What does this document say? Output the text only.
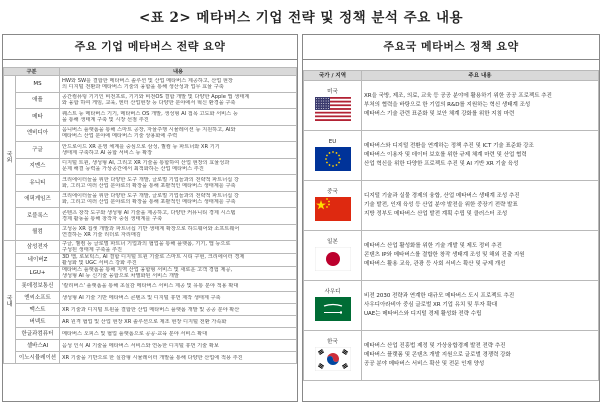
<표 2> 메타버스 기업 전략 및 정책 분석 주요 내용
주요 기업 메타버스 전략 요약
구분		내용
국외	MS	HW와 SW를 결합한 메타버스 솔루션 및 산업 메타버스 제공하고, 산업 현장
의 디지털 전환과 메타버스 기술의 융합을 통해 생산성과 업무 효율 구축

	애플	공간컴퓨팅 기기인 비전프로, 기기와 비전OS 결합 개발 및 다양한 Apple 앱 생태계
와 융합 하여 게임, 교육, 엔터 산업현장 등 다양한 분야에서 혁신 환경을 구축

	메타	퀘스트 등 메타버스 기기, 메타버스 OS 개발, 생성형 AI 접목 고도화 서비스 등
을 통해 생태계 구축 및 시장 선점 추진

	엔비디아	옴니버스 플랫폼을 통해 스마트 공장, 자율주행 시뮬레이션 등 지원하고, AI와
메타버스 산업 분야에 메타버스 기술 상용화에 주력

	구글	안드로이드 XR 운영 체계를 중심으로 삼성, 퀄컴 등 파트너와 XR 기기
생태계 구축하고 AI 융합 서비스 등 확장

	지멘스	디지털 트윈, 생성형 AI, 그리고 XR 기술을 통합하여 산업 현장의 효율성과
문제 해결 능력을 가상공간에서 최적화하는 산업 메타버스 추진

	유니티	크리에이터들을 위한 다양한 도구 개발, 글로벌 기업들과의 전략적 파트너십 강
화, 그리고 여러 산업 분야로의 확장을 통해 포괄적인 메타버스 생태계를 구축

	에픽게임즈	크리에이터들을 위한 다양한 도구 개발, 글로벌 기업들과의 전략적 파트너십 강
화, 그리고 여러 산업 분야로의 확장을 통해 포괄적인 메타버스 생태계를 구축

	로블록스	콘텐츠 창작 도구와 생성형 AI 기술을 제공하고, 다양한 커뮤니티 경제 시스템
경제 활동을 통해 창작자 중심 생태계를 구축

	퀄컴	고성능 XR 칩셋 개발과 파트너십 기반 생태계 확장으로 하드웨어와 소프트웨어
연결하는 XR 기술 리더로 자리매김

국내	삼성전자	구글, 퀄컴 등 글로벌 파트너 기업과의 협업을 통해 플랫폼, 기기, 앱 등으로
구성된 생태계 구축을 추진

	네이버Z	3D 맵, 로보틱스, AI 결합 디지털 트윈 기술로 스마트 시티 구현, 크리에이터 경제
활성화 및 UGC 서비스 강화 추진

	LGU+	메타버스 플랫폼을 통해 지역 산업 융합형 서비스 및 새로운 고객 경험 제공,
생성형 AI 등 신기술 융합으로 차별화된 서비스 개발

	롯데정보통신	'칼리버스' 플랫폼을 통해 초실감 메타버스 서비스 제공 및 유통 분야 적용 확대

	엔씨소프트	생성형 AI 기술 기반 메타버스 콘텐츠 및 디지털 휴먼 제작 생태계 구축

	맥스트	XR 기술과 디지털 트윈을 결합한 산업 메타버스 플랫폼 개발 및 공공 분야 확산

	버넥트	AR 원격 협업 및 산업 현장 XR 솔루션으로 제조 현장 디지털 전환 가속화

	한글과컴퓨터	메타버스 오피스 및 협업 플랫폼으로 공공·교육 분야 서비스 확대

	셀바스AI	음성 인식 AI 기술을 메타버스 서비스와 연동한 디지털 휴먼 기술 확보

	이노시뮬레이션	XR 기술을 기반으로 한 실감형 시뮬레이터 개발을 통해 다양한 산업에 적용 추진
주요국 메타버스 정책 요약
국가 / 지역	주요 내용

미국	XR을 국방, 제조, 의료, 교육 등 공공 분야에 활용하기 위한 공공 프로젝트 추진
부처의 협력을 바탕으로 한 기업의 R&D를 지원하는 혁신 생태계 조성
메타버스 기술 관련 표준화 및 보안 체계 강화를 위한 지침 마련

EU	메타버스와 디지털 전환을 연계하는 정책 추진 및 ICT 기술 표준화 강조
메타버스 이용자 및 데이터 보호를 위한 규제 체계 마련 및 산업 협력
산업 혁신을 위한 다양한 프로젝트 추진 및 AI 기반 XR 기술 육성

중국	디지털 기술과 실물 경제의 융합, 산업 메타버스 생태계 조성 추진
기술 발전, 인재 육성 등 산업 분야 발전을 위한 중장기 전략 발표
지방 정부도 메타버스 산업 발전 계획 수립 및 클러스터 조성

일본	메타버스 산업 활성화를 위한 기술 개발 및 제도 정비 추진
콘텐츠 IP와 메타버스를 결합한 창작 생태계 조성 및 해외 진출 지원
메타버스 활용 교육, 관광 등 사회 서비스 확산 및 규제 개선

사우디	비전 2030 전략과 연계한 대규모 메타버스 도시 프로젝트 추진
사우디아라비아 중심 글로벌 XR 기업 유치 및 투자 확대
UAE는 메타버스와 디지털 경제 활성화 전략 수립

한국	메타버스 산업 진흥법 제정 및 가상융합경제 발전 전략 추진
메타버스 플랫폼 및 콘텐츠 개발 지원으로 글로벌 경쟁력 강화
공공 분야 메타버스 서비스 확산 및 전문 인재 양성
